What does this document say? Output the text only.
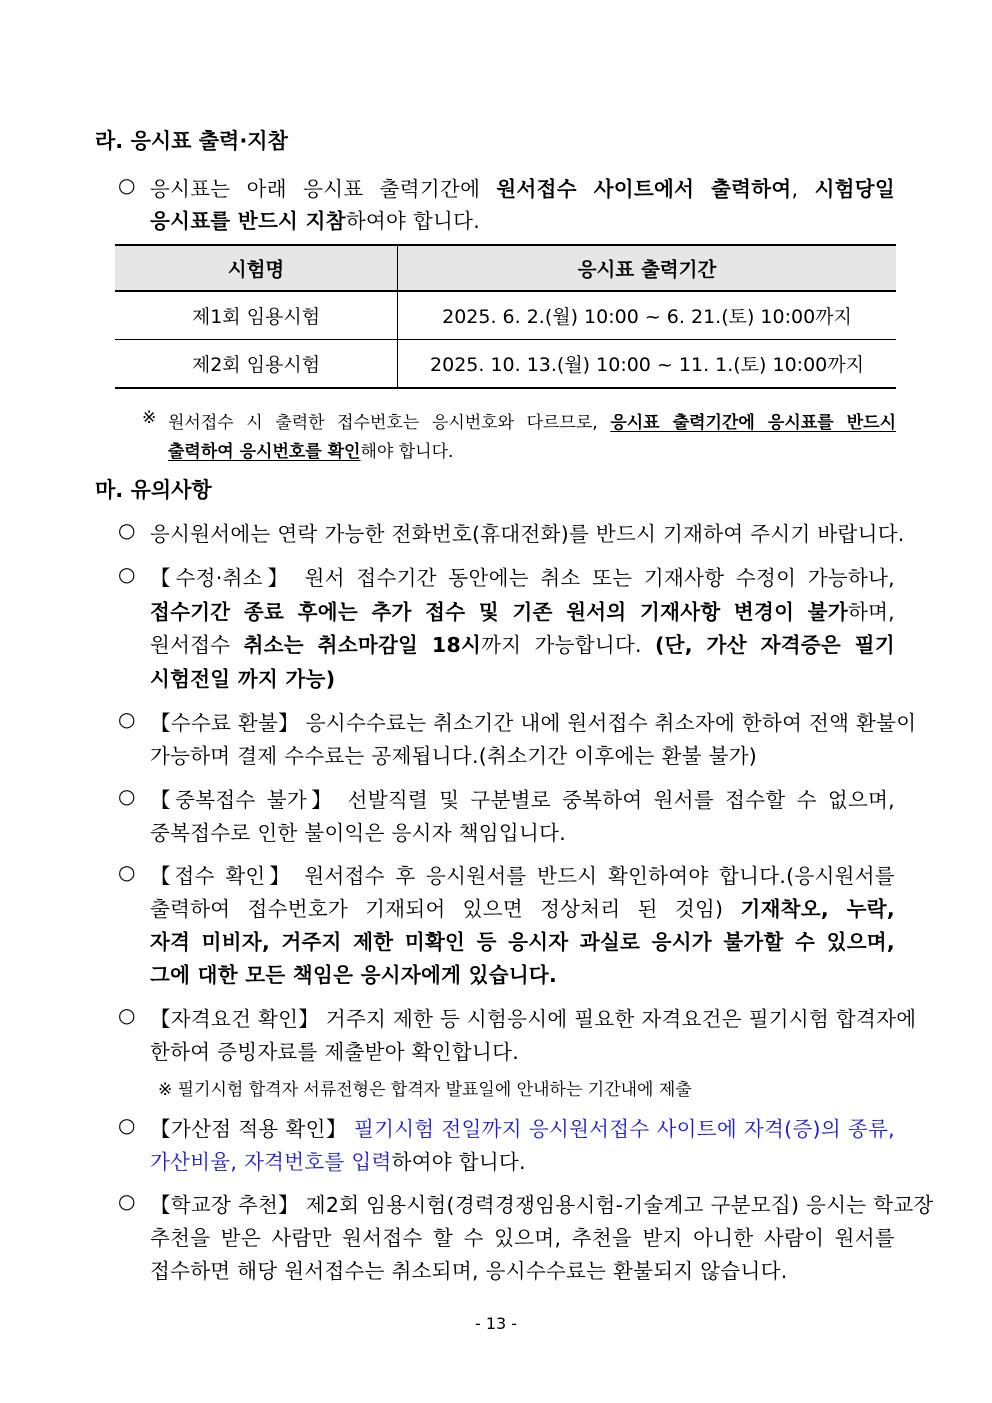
라. 응시표 출력·지참
○ 응시표는 아래 응시표 출력기간에 원서접수 사이트에서 출력하여, 시험당일
응시표를 반드시 지참하여야 합니다.
시험명	응시표 출력기간
제1회 임용시험	2025. 6. 2.(월) 10:00 ~ 6. 21.(토) 10:00까지
제2회 임용시험	2025. 10. 13.(월) 10:00 ~ 11. 1.(토) 10:00까지
※ 원서접수 시 출력한 접수번호는 응시번호와 다르므로, 응시표 출력기간에 응시표를 반드시
출력하여 응시번호를 확인해야 합니다.
마. 유의사항
○ 응시원서에는 연락 가능한 전화번호(휴대전화)를 반드시 기재하여 주시기 바랍니다.
○ 【수정·취소】 원서 접수기간 동안에는 취소 또는 기재사항 수정이 가능하나,
접수기간 종료 후에는 추가 접수 및 기존 원서의 기재사항 변경이 불가하며,
원서접수 취소는 취소마감일 18시까지 가능합니다. (단, 가산 자격증은 필기
시험전일 까지 가능)
○ 【수수료 환불】 응시수수료는 취소기간 내에 원서접수 취소자에 한하여 전액 환불이
가능하며 결제 수수료는 공제됩니다.(취소기간 이후에는 환불 불가)
○ 【중복접수 불가】 선발직렬 및 구분별로 중복하여 원서를 접수할 수 없으며,
중복접수로 인한 불이익은 응시자 책임입니다.
○ 【접수 확인】 원서접수 후 응시원서를 반드시 확인하여야 합니다.(응시원서를
출력하여 접수번호가 기재되어 있으면 정상처리 된 것임) 기재착오, 누락,
자격 미비자, 거주지 제한 미확인 등 응시자 과실로 응시가 불가할 수 있으며,
그에 대한 모든 책임은 응시자에게 있습니다.
○ 【자격요건 확인】 거주지 제한 등 시험응시에 필요한 자격요건은 필기시험 합격자에
한하여 증빙자료를 제출받아 확인합니다.
※ 필기시험 합격자 서류전형은 합격자 발표일에 안내하는 기간내에 제출
○ 【가산점 적용 확인】 필기시험 전일까지 응시원서접수 사이트에 자격(증)의 종류,
가산비율, 자격번호를 입력하여야 합니다.
○ 【학교장 추천】 제2회 임용시험(경력경쟁임용시험-기술계고 구분모집) 응시는 학교장
추천을 받은 사람만 원서접수 할 수 있으며, 추천을 받지 아니한 사람이 원서를
접수하면 해당 원서접수는 취소되며, 응시수수료는 환불되지 않습니다.
- 13 -
